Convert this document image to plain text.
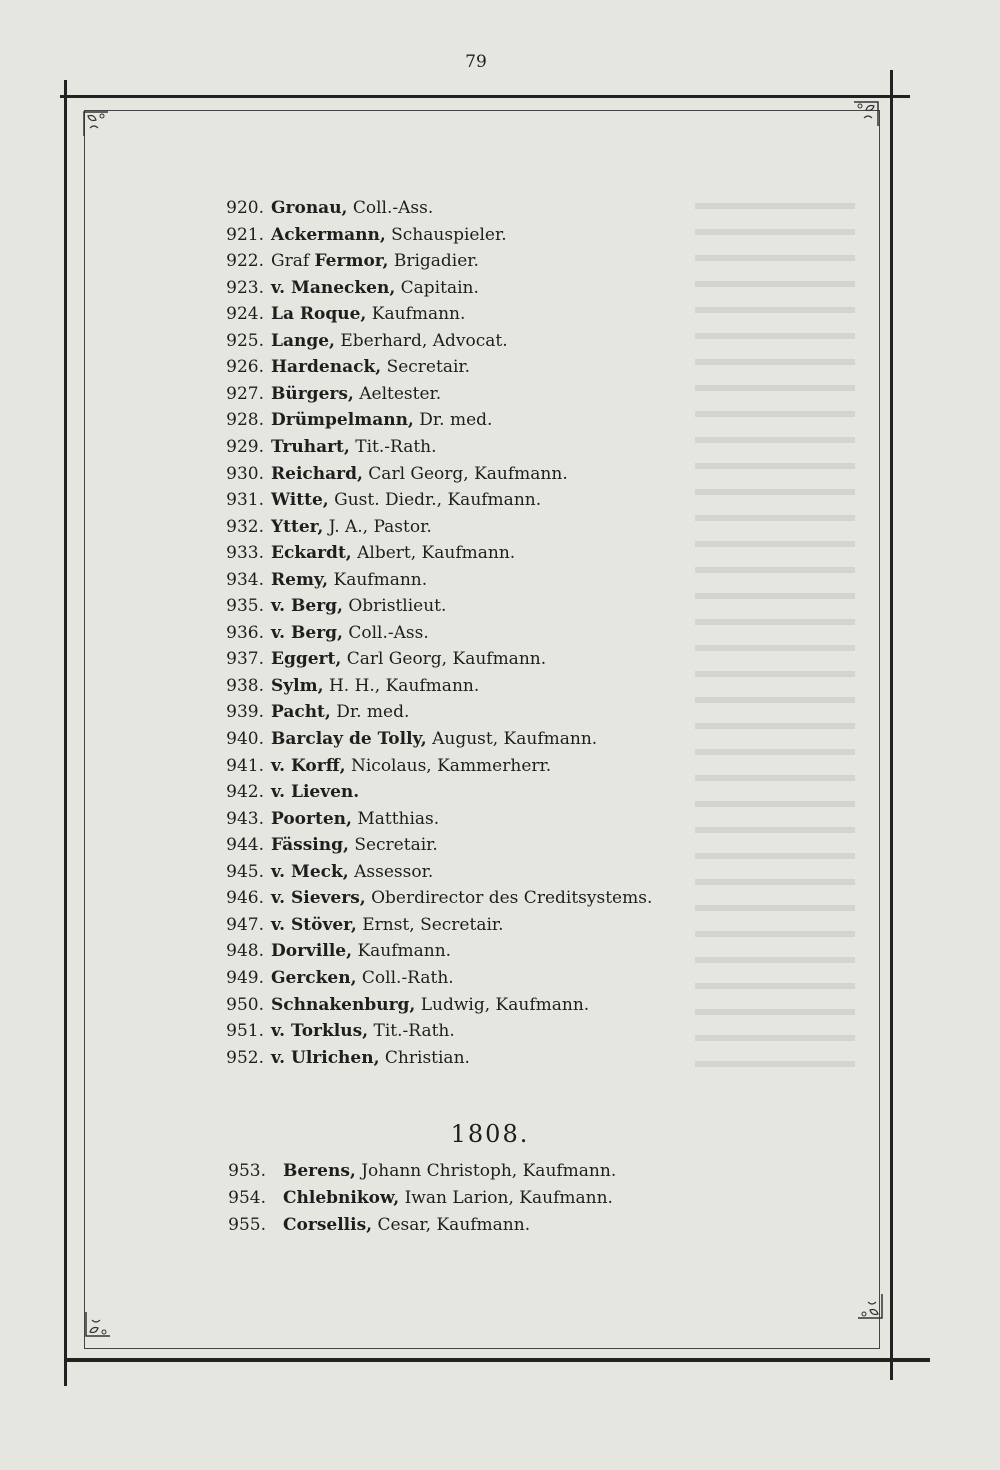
79
920. Gronau, Coll.-Ass.
921. Ackermann, Schauspieler.
922. Graf Fermor, Brigadier.
923. v. Manecken, Capitain.
924. La Roque, Kaufmann.
925. Lange, Eberhard, Advocat.
926. Hardenack, Secretair.
927. Bürgers, Aeltester.
928. Drümpelmann, Dr. med.
929. Truhart, Tit.-Rath.
930. Reichard, Carl Georg, Kaufmann.
931. Witte, Gust. Diedr., Kaufmann.
932. Ytter, J. A., Pastor.
933. Eckardt, Albert, Kaufmann.
934. Remy, Kaufmann.
935. v. Berg, Obristlieut.
936. v. Berg, Coll.-Ass.
937. Eggert, Carl Georg, Kaufmann.
938. Sylm, H. H., Kaufmann.
939. Pacht, Dr. med.
940. Barclay de Tolly, August, Kaufmann.
941. v. Korff, Nicolaus, Kammerherr.
942. v. Lieven.
943. Poorten, Matthias.
944. Fässing, Secretair.
945. v. Meck, Assessor.
946. v. Sievers, Oberdirector des Creditsystems.
947. v. Stöver, Ernst, Secretair.
948. Dorville, Kaufmann.
949. Gercken, Coll.-Rath.
950. Schnakenburg, Ludwig, Kaufmann.
951. v. Torklus, Tit.-Rath.
952. v. Ulrichen, Christian.
1808.
953. Berens, Johann Christoph, Kaufmann.
954. Chlebnikow, Iwan Larion, Kaufmann.
955. Corsellis, Cesar, Kaufmann.
